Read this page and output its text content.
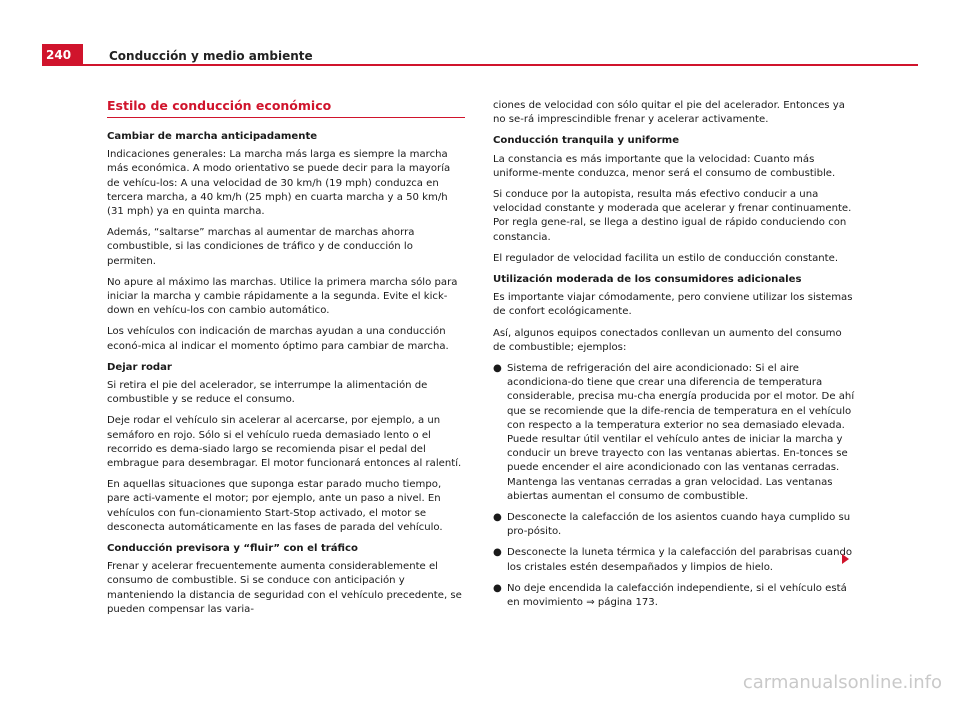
240	Conducción y medio ambiente
Estilo de conducción económico
Cambiar de marcha anticipadamente

Indicaciones generales: La marcha más larga es siempre la marcha más económica. A modo orientativo se puede decir para la mayoría de vehícu-los: A una velocidad de 30 km/h (19 mph) conduzca en tercera marcha, a 40 km/h (25 mph) en cuarta marcha y a 50 km/h (31 mph) ya en quinta marcha.

Además, “saltarse” marchas al aumentar de marchas ahorra combustible, si las condiciones de tráfico y de conducción lo permiten.

No apure al máximo las marchas. Utilice la primera marcha sólo para iniciar la marcha y cambie rápidamente a la segunda. Evite el kick-down en vehícu-los con cambio automático.

Los vehículos con indicación de marchas ayudan a una conducción econó-mica al indicar el momento óptimo para cambiar de marcha.

Dejar rodar

Si retira el pie del acelerador, se interrumpe la alimentación de combustible y se reduce el consumo.

Deje rodar el vehículo sin acelerar al acercarse, por ejemplo, a un semáforo en rojo. Sólo si el vehículo rueda demasiado lento o el recorrido es dema-siado largo se recomienda pisar el pedal del embrague para desembragar. El motor funcionará entonces al ralentí.

En aquellas situaciones que suponga estar parado mucho tiempo, pare acti-vamente el motor; por ejemplo, ante un paso a nivel. En vehículos con fun-cionamiento Start-Stop activado, el motor se desconecta automáticamente en las fases de parada del vehículo.

Conducción previsora y “fluir” con el tráfico

Frenar y acelerar frecuentemente aumenta considerablemente el consumo de combustible. Si se conduce con anticipación y manteniendo la distancia de seguridad con el vehículo precedente, se pueden compensar las varia-

ciones de velocidad con sólo quitar el pie del acelerador. Entonces ya no se-rá imprescindible frenar y acelerar activamente.

Conducción tranquila y uniforme

La constancia es más importante que la velocidad: Cuanto más uniforme-mente conduzca, menor será el consumo de combustible.

Si conduce por la autopista, resulta más efectivo conducir a una velocidad constante y moderada que acelerar y frenar continuamente. Por regla gene-ral, se llega a destino igual de rápido conduciendo con constancia.

El regulador de velocidad facilita un estilo de conducción constante.

Utilización moderada de los consumidores adicionales

Es importante viajar cómodamente, pero conviene utilizar los sistemas de confort ecológicamente.

Así, algunos equipos conectados conllevan un aumento del consumo de combustible; ejemplos:

● Sistema de refrigeración del aire acondicionado: Si el aire acondiciona-do tiene que crear una diferencia de temperatura considerable, precisa mu-cha energía producida por el motor. De ahí que se recomiende que la dife-rencia de temperatura en el vehículo con respecto a la temperatura exterior no sea demasiado elevada. Puede resultar útil ventilar el vehículo antes de iniciar la marcha y conducir un breve trayecto con las ventanas abiertas. En-tonces se puede encender el aire acondicionado con las ventanas cerradas. Mantenga las ventanas cerradas a gran velocidad. Las ventanas abiertas aumentan el consumo de combustible.
● Desconecte la calefacción de los asientos cuando haya cumplido su pro-pósito.
● Desconecte la luneta térmica y la calefacción del parabrisas cuando los cristales estén desempañados y limpios de hielo.
● No deje encendida la calefacción independiente, si el vehículo está en movimiento ⇒ página 173.
carmanualsonline.info
